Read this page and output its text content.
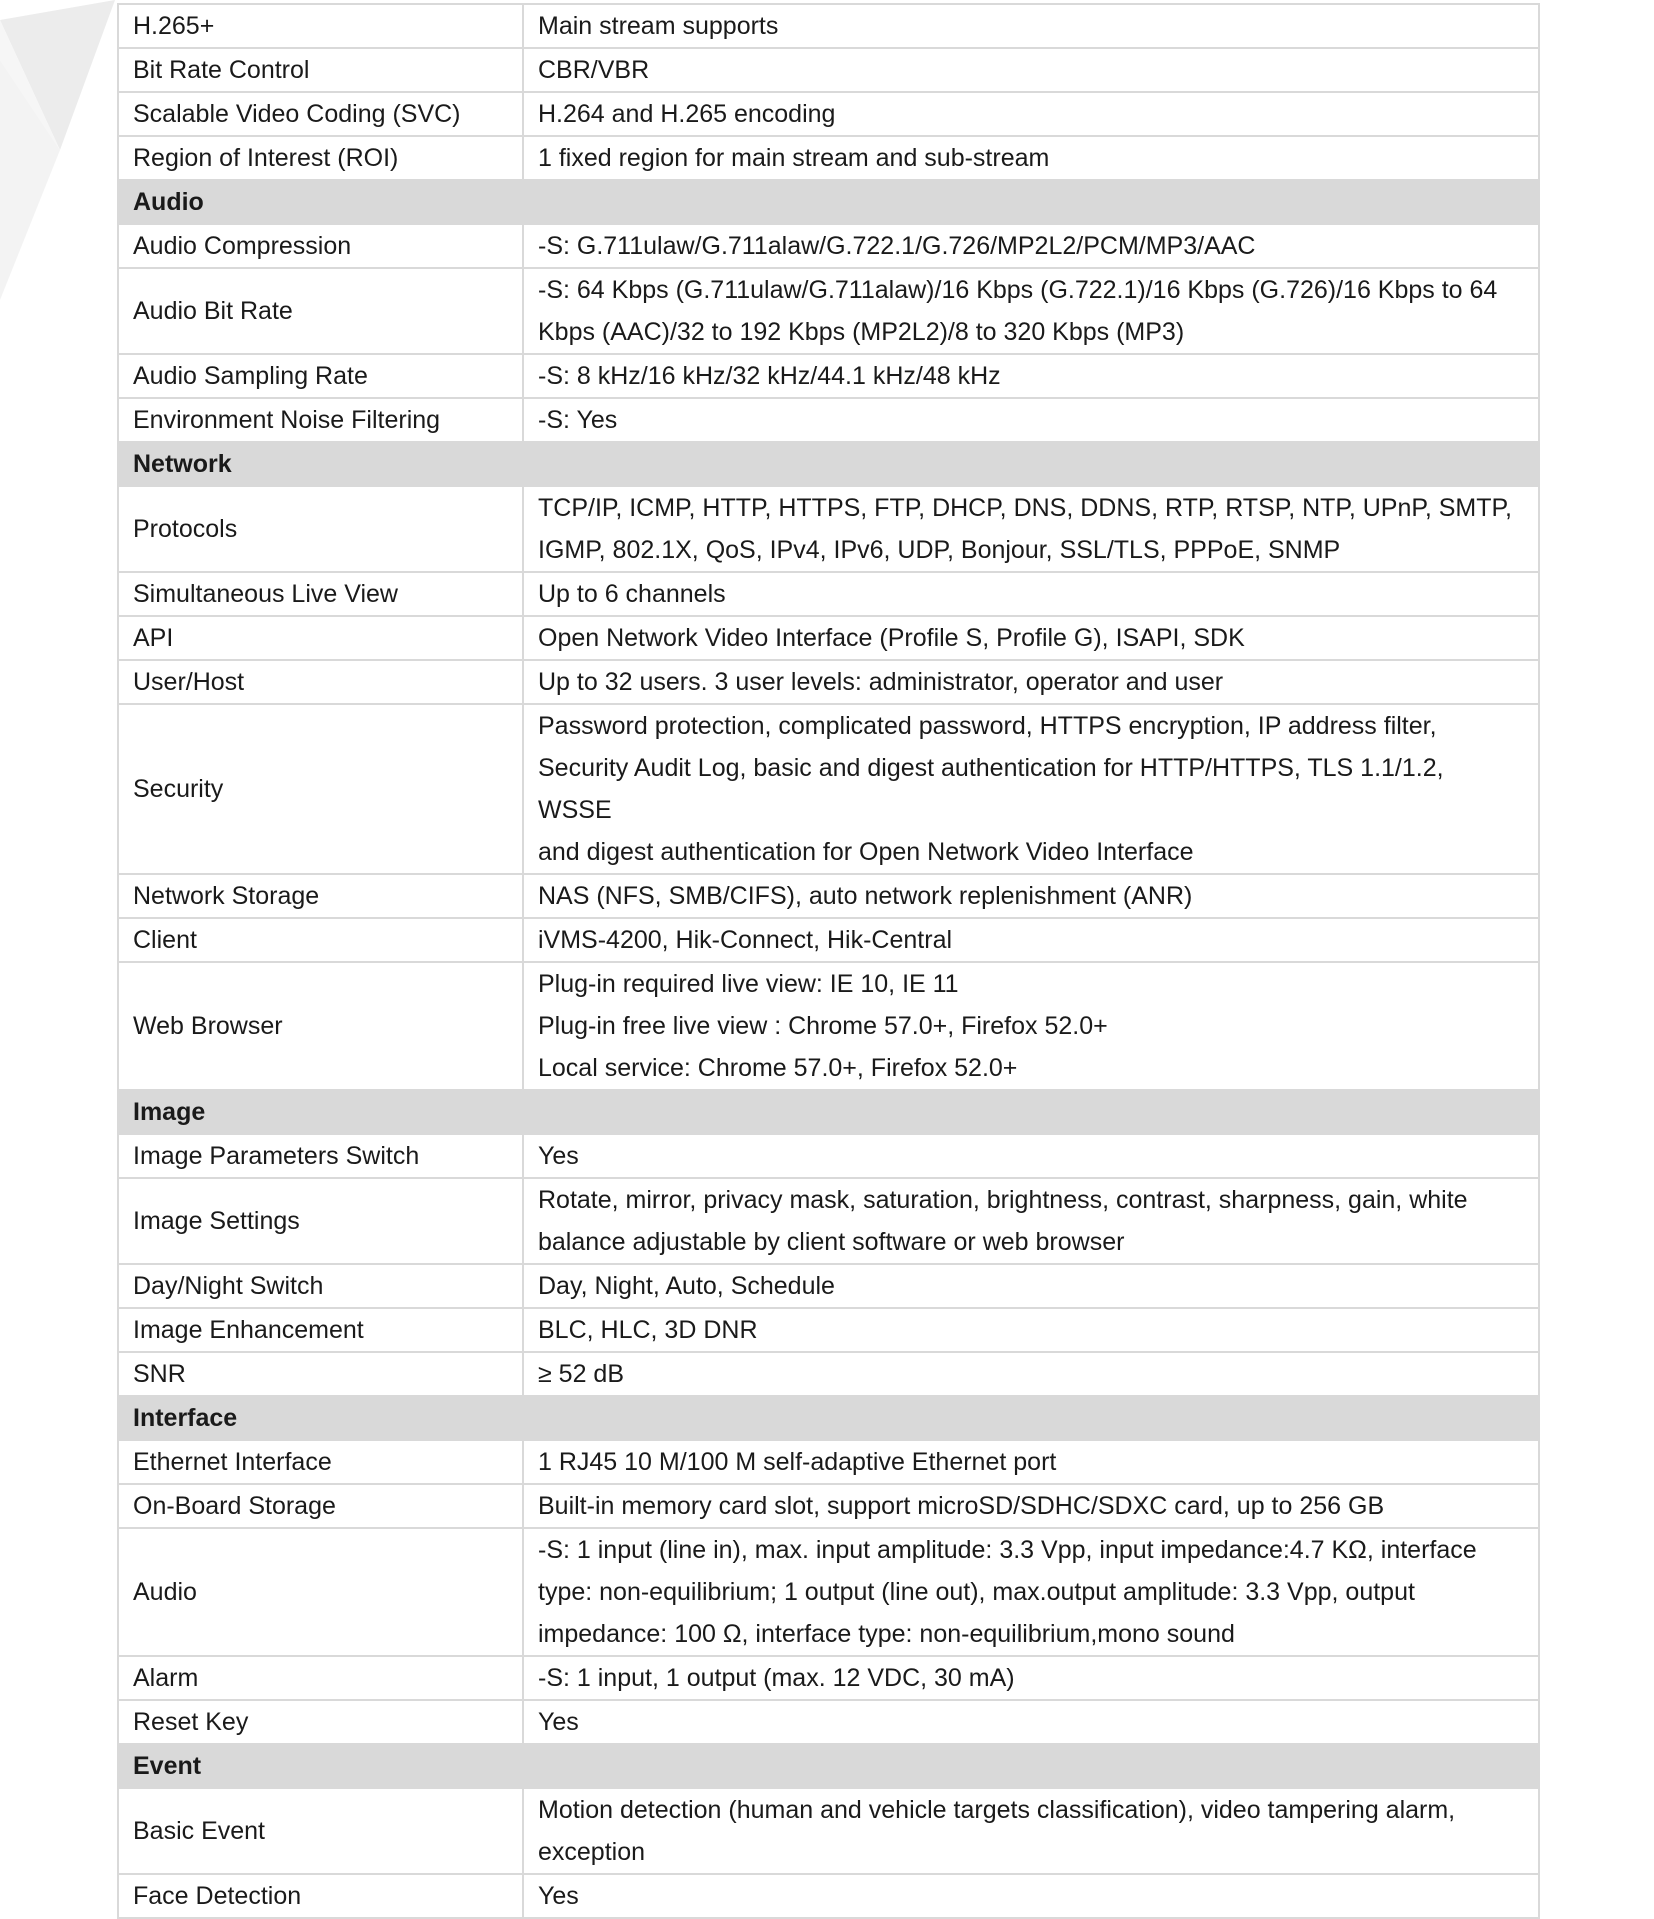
H.265+	Main stream supports

Bit Rate Control	CBR/VBR

Scalable Video Coding (SVC)	H.264 and H.265 encoding

Region of Interest (ROI)	1 fixed region for main stream and sub-stream

Audio	
Audio Compression	-S: G.711ulaw/G.711alaw/G.722.1/G.726/MP2L2/PCM/MP3/AAC

Audio Bit Rate	-S: 64 Kbps (G.711ulaw/G.711alaw)/16 Kbps (G.722.1)/16 Kbps (G.726)/16 Kbps to 64
Kbps (AAC)/32 to 192 Kbps (MP2L2)/8 to 320 Kbps (MP3)

Audio Sampling Rate	-S: 8 kHz/16 kHz/32 kHz/44.1 kHz/48 kHz

Environment Noise Filtering	-S: Yes

Network	
Protocols	TCP/IP, ICMP, HTTP, HTTPS, FTP, DHCP, DNS, DDNS, RTP, RTSP, NTP, UPnP, SMTP,
IGMP, 802.1X, QoS, IPv4, IPv6, UDP, Bonjour, SSL/TLS, PPPoE, SNMP

Simultaneous Live View	Up to 6 channels

API	Open Network Video Interface (Profile S, Profile G), ISAPI, SDK

User/Host	Up to 32 users. 3 user levels: administrator, operator and user

Security	Password protection, complicated password, HTTPS encryption, IP address filter,
Security Audit Log, basic and digest authentication for HTTP/HTTPS, TLS 1.1/1.2, WSSE
and digest authentication for Open Network Video Interface

Network Storage	NAS (NFS, SMB/CIFS), auto network replenishment (ANR)

Client	iVMS-4200, Hik-Connect, Hik-Central

Web Browser	Plug-in required live view: IE 10, IE 11
Plug-in free live view : Chrome 57.0+, Firefox 52.0+
Local service: Chrome 57.0+, Firefox 52.0+

Image	
Image Parameters Switch	Yes

Image Settings	Rotate, mirror, privacy mask, saturation, brightness, contrast, sharpness, gain, white
balance adjustable by client software or web browser

Day/Night Switch	Day, Night, Auto, Schedule

Image Enhancement	BLC, HLC, 3D DNR

SNR	≥ 52 dB

Interface	
Ethernet Interface	1 RJ45 10 M/100 M self-adaptive Ethernet port

On-Board Storage	Built-in memory card slot, support microSD/SDHC/SDXC card, up to 256 GB

Audio	-S: 1 input (line in), max. input amplitude: 3.3 Vpp, input impedance:4.7 KΩ, interface
type: non-equilibrium; 1 output (line out), max.output amplitude: 3.3 Vpp, output
impedance: 100 Ω, interface type: non-equilibrium,mono sound

Alarm	-S: 1 input, 1 output (max. 12 VDC, 30 mA)

Reset Key	Yes

Event	
Basic Event	Motion detection (human and vehicle targets classification), video tampering alarm,
exception

Face Detection	Yes
